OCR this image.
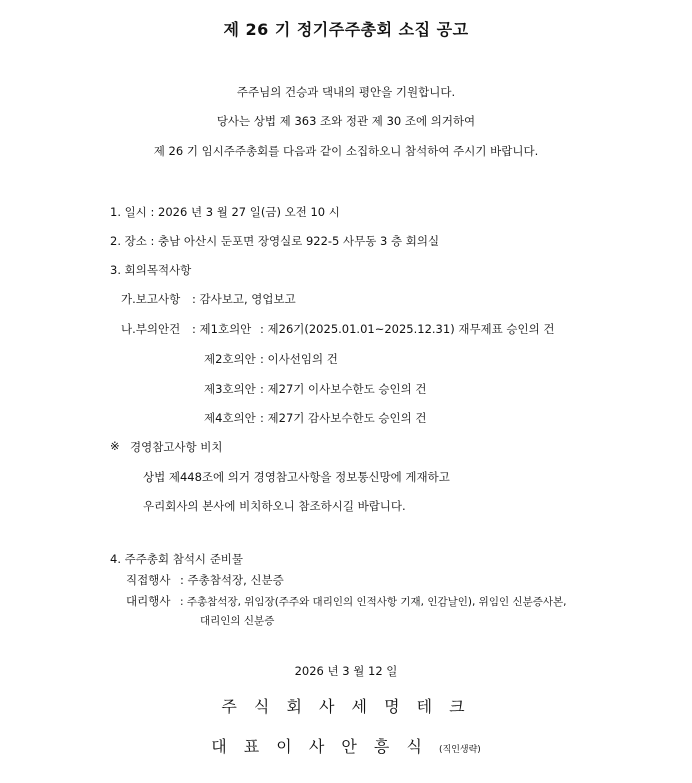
제 26 기 정기주주총회 소집 공고
주주님의 건승과 댁내의 평안을 기원합니다.
당사는 상법 제 363 조와 정관 제 30 조에 의거하여
제 26 기 임시주주총회를 다음과 같이 소집하오니 참석하여 주시기 바랍니다.
1. 일시 : 2026 년 3 월 27 일(금) 오전 10 시
2. 장소 : 충남 아산시 둔포면 장영실로 922-5 사무동 3 층 회의실
3. 회의목적사항
가.보고사항 : 감사보고, 영업보고
나.부의안건 : 제1호의안 : 제26기(2025.01.01~2025.12.31) 재무제표 승인의 건
제2호의안 : 이사선임의 건
제3호의안 : 제27기 이사보수한도 승인의 건
제4호의안 : 제27기 감사보수한도 승인의 건
※ 경영참고사항 비치
상법 제448조에 의거 경영참고사항을 정보통신망에 게재하고
우리회사의 본사에 비치하오니 참조하시길 바랍니다.
4. 주주총회 참석시 준비물
직접행사 : 주총참석장, 신분증
대리행사 : 주총참석장, 위임장(주주와 대리인의 인적사항 기재, 인감날인), 위임인 신분증사본,
대리인의 신분증
2026 년 3 월 12 일
주 식 회 사 세 명 테 크
대 표 이 사 안 흥 식 (직인생략)
